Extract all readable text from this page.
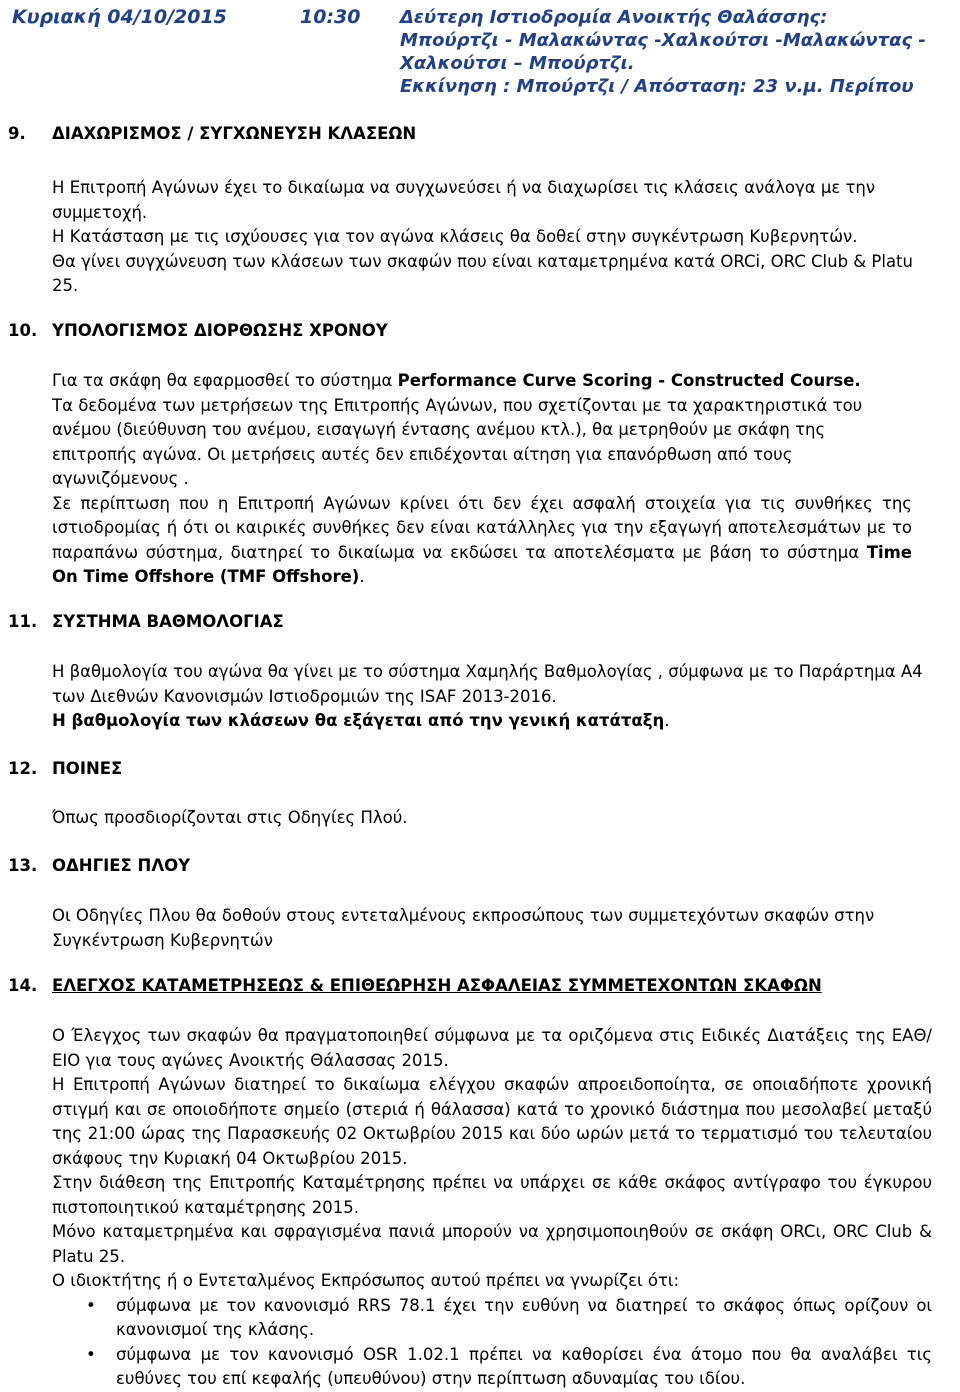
Κυριακή 04/10/2015	10:30 Δεύτερη Ιστιοδρομία Ανοικτής Θαλάσσης:
Μπούρτζι - Μαλακώντας -Χαλκούτσι -Μαλακώντας -
Χαλκούτσι – Μπούρτζι.
Εκκίνηση : Μπούρτζι / Απόσταση: 23 ν.μ. Περίπου
9. ΔΙΑΧΩΡΙΣΜΟΣ / ΣΥΓΧΩΝΕΥΣΗ ΚΛΑΣΕΩΝ

Η Επιτροπή Αγώνων έχει το δικαίωμα να συγχωνεύσει ή να διαχωρίσει τις κλάσεις ανάλογα με την συμμετοχή.

Η Κατάσταση με τις ισχύουσες για τον αγώνα κλάσεις θα δοθεί στην συγκέντρωση Κυβερνητών.

Θα γίνει συγχώνευση των κλάσεων των σκαφών που είναι καταμετρημένα κατά ORCi, ORC Club & Platu 25.

10. ΥΠΟΛΟΓΙΣΜΟΣ ΔΙΟΡΘΩΣΗΣ ΧΡΟΝΟΥ

Για τα σκάφη θα εφαρμοσθεί το σύστημα Performance Curve Scoring - Constructed Course.

Τα δεδομένα των μετρήσεων της Επιτροπής Αγώνων, που σχετίζονται με τα χαρακτηριστικά του ανέμου (διεύθυνση του ανέμου, εισαγωγή έντασης ανέμου κτλ.), θα μετρηθούν με σκάφη της επιτροπής αγώνα. Οι μετρήσεις αυτές δεν επιδέχονται αίτηση για επανόρθωση από τους αγωνιζόμενους .

Σε περίπτωση που η Επιτροπή Αγώνων κρίνει ότι δεν έχει ασφαλή στοιχεία για τις συνθήκες της ιστιοδρομίας ή ότι οι καιρικές συνθήκες δεν είναι κατάλληλες για την εξαγωγή αποτελεσμάτων με το παραπάνω σύστημα, διατηρεί το δικαίωμα να εκδώσει τα αποτελέσματα με βάση το σύστημα Time On Time Offshore (TMF Offshore).

11. ΣΥΣΤΗΜΑ ΒΑΘΜΟΛΟΓΙΑΣ

Η βαθμολογία του αγώνα θα γίνει με το σύστημα Χαμηλής Βαθμολογίας , σύμφωνα με το Παράρτημα Α4 των Διεθνών Κανονισμών Ιστιοδρομιών της ISAF 2013-2016.

Η βαθμολογία των κλάσεων θα εξάγεται από την γενική κατάταξη.

12. ΠΟΙΝΕΣ

Όπως προσδιορίζονται στις Οδηγίες Πλού.

13. ΟΔΗΓΙΕΣ ΠΛΟΥ

Οι Οδηγίες Πλου θα δοθούν στους εντεταλμένους εκπροσώπους των συμμετεχόντων σκαφών στην Συγκέντρωση Κυβερνητών

14. ΕΛΕΓΧΟΣ ΚΑΤΑΜΕΤΡΗΣΕΩΣ & ΕΠΙΘΕΩΡΗΣΗ ΑΣΦΑΛΕΙΑΣ ΣΥΜΜΕΤΕΧΟΝΤΩΝ ΣΚΑΦΩΝ

Ο Έλεγχος των σκαφών θα πραγματοποιηθεί σύμφωνα με τα οριζόμενα στις Ειδικές Διατάξεις της ΕΑΘ/ΕΙΟ για τους αγώνες Ανοικτής Θάλασσας 2015.

Η Επιτροπή Αγώνων διατηρεί το δικαίωμα ελέγχου σκαφών απροειδοποίητα, σε οποιαδήποτε χρονική στιγμή και σε οποιοδήποτε σημείο (στεριά ή θάλασσα) κατά το χρονικό διάστημα που μεσολαβεί μεταξύ της 21:00 ώρας της Παρασκευής 02 Οκτωβρίου 2015 και δύο ωρών μετά το τερματισμό του τελευταίου σκάφους την Κυριακή 04 Οκτωβρίου 2015.

Στην διάθεση της Επιτροπής Καταμέτρησης πρέπει να υπάρχει σε κάθε σκάφος αντίγραφο του έγκυρου πιστοποιητικού καταμέτρησης 2015.

Μόνο καταμετρημένα και σφραγισμένα πανιά μπορούν να χρησιμοποιηθούν σε σκάφη ORCι, ORC Club & Platu 25.

Ο ιδιοκτήτης ή ο Εντεταλμένος Εκπρόσωπος αυτού πρέπει να γνωρίζει ότι:

• σύμφωνα με τον κανονισμό RRS 78.1 έχει την ευθύνη να διατηρεί το σκάφος όπως ορίζουν οι κανονισμοί της κλάσης.
• σύμφωνα με τον κανονισμό OSR 1.02.1 πρέπει να καθορίσει ένα άτομο που θα αναλάβει τις ευθύνες του επί κεφαλής (υπευθύνου) στην περίπτωση αδυναμίας του ιδίου.
